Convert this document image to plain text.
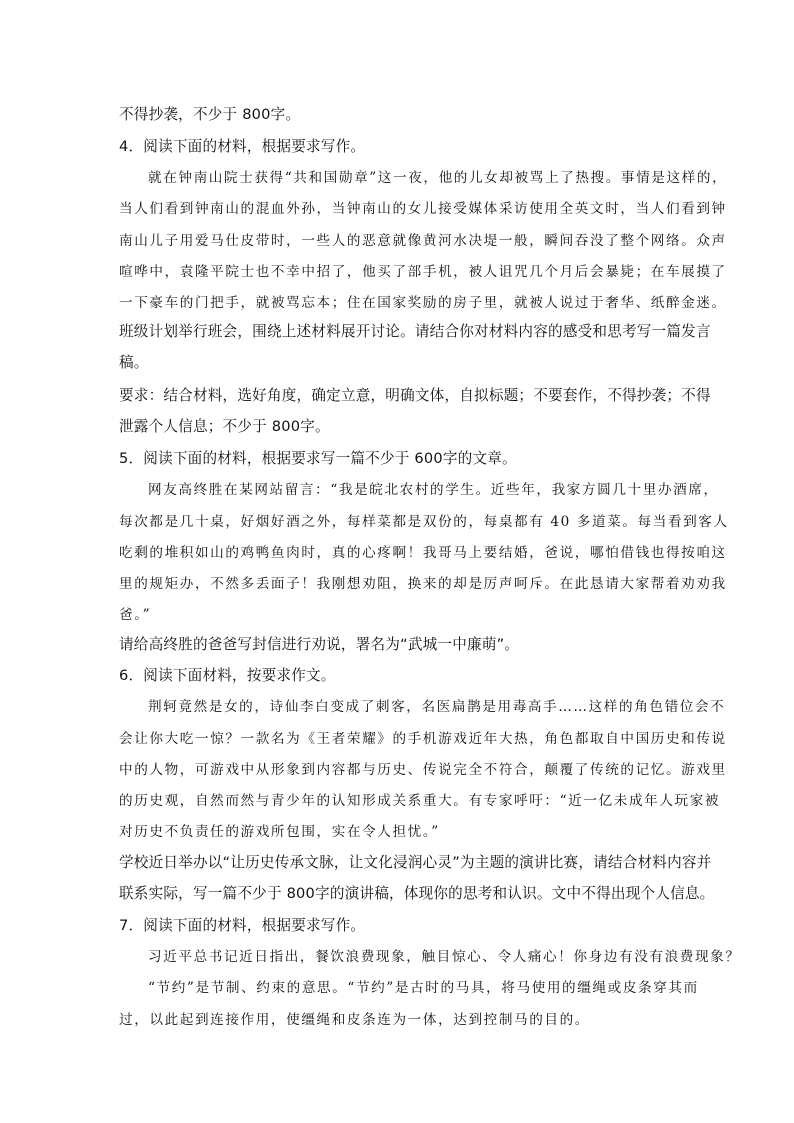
不得抄袭，不少于 800字。
4．阅读下面的材料，根据要求写作。
就在钟南山院士获得“共和国勋章”这一夜，他的儿女却被骂上了热搜。事情是这样的，
当人们看到钟南山的混血外孙，当钟南山的女儿接受媒体采访使用全英文时，当人们看到钟
南山儿子用爱马仕皮带时，一些人的恶意就像黄河水决堤一般，瞬间吞没了整个网络。众声
喧哗中，袁隆平院士也不幸中招了，他买了部手机，被人诅咒几个月后会暴毙；在车展摸了
一下豪车的门把手，就被骂忘本；住在国家奖励的房子里，就被人说过于奢华、纸醉金迷。
班级计划举行班会，围绕上述材料展开讨论。请结合你对材料内容的感受和思考写一篇发言
稿。
要求：结合材料，选好角度，确定立意，明确文体，自拟标题；不要套作，不得抄袭；不得
泄露个人信息；不少于 800字。
5．阅读下面的材料，根据要求写一篇不少于 600字的文章。
网友高终胜在某网站留言：“我是皖北农村的学生。近些年，我家方圆几十里办酒席，
每次都是几十桌，好烟好酒之外，每样菜都是双份的，每桌都有 40 多道菜。每当看到客人
吃剩的堆积如山的鸡鸭鱼肉时，真的心疼啊！我哥马上要结婚，爸说，哪怕借钱也得按咱这
里的规矩办，不然多丢面子！我刚想劝阻，换来的却是厉声呵斥。在此恳请大家帮着劝劝我
爸。”
请给高终胜的爸爸写封信进行劝说，署名为“武城一中廉萌”。
6．阅读下面材料，按要求作文。
荆轲竟然是女的，诗仙李白变成了刺客，名医扁鹊是用毒高手……这样的角色错位会不
会让你大吃一惊？一款名为《王者荣耀》的手机游戏近年大热，角色都取自中国历史和传说
中的人物，可游戏中从形象到内容都与历史、传说完全不符合，颠覆了传统的记忆。游戏里
的历史观，自然而然与青少年的认知形成关系重大。有专家呼吁：“近一亿未成年人玩家被
对历史不负责任的游戏所包围，实在令人担忧。”
学校近日举办以“让历史传承文脉，让文化浸润心灵”为主题的演讲比赛，请结合材料内容并
联系实际，写一篇不少于 800字的演讲稿，体现你的思考和认识。文中不得出现个人信息。
7．阅读下面的材料，根据要求写作。
习近平总书记近日指出，餐饮浪费现象，触目惊心、令人痛心！你身边有没有浪费现象？
“节约”是节制、约束的意思。“节约”是古时的马具，将马使用的缰绳或皮条穿其而
过，以此起到连接作用，使缰绳和皮条连为一体，达到控制马的目的。
